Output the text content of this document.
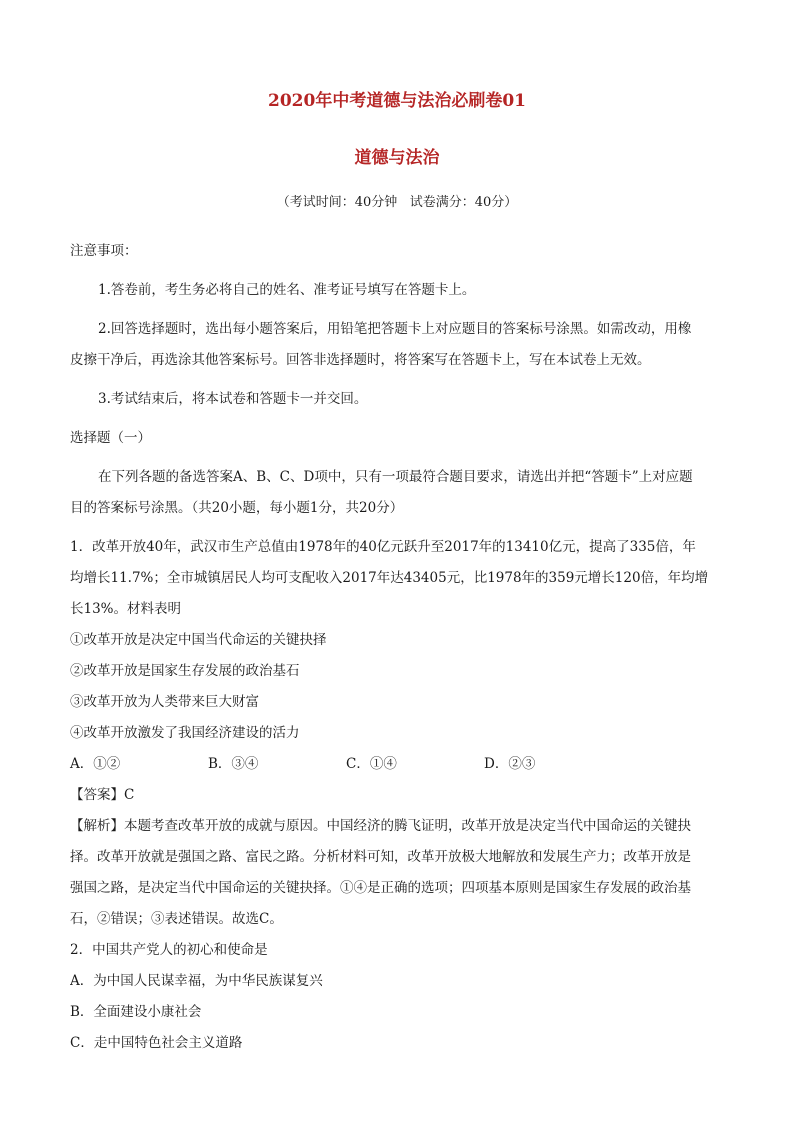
2020年中考道德与法治必刷卷01
道德与法治
（考试时间：40分钟   试卷满分：40分）
注意事项：
1.答卷前，考生务必将自己的姓名、准考证号填写在答题卡上。
2.回答选择题时，选出每小题答案后，用铅笔把答题卡上对应题目的答案标号涂黑。如需改动，用橡
皮擦干净后，再选涂其他答案标号。回答非选择题时，将答案写在答题卡上，写在本试卷上无效。
3.考试结束后，将本试卷和答题卡一并交回。
选择题（一）
在下列各题的备选答案A、B、C、D项中，只有一项最符合题目要求，请选出并把“答题卡”上对应题
目的答案标号涂黑。（共20小题，每小题1分，共20分）
1．改革开放40年，武汉市生产总值由1978年的40亿元跃升至2017年的13410亿元，提高了335倍，年
均增长11.7%；全市城镇居民人均可支配收入2017年达43405元，比1978年的359元增长120倍，年均增
长13%。材料表明
①改革开放是决定中国当代命运的关键抉择
②改革开放是国家生存发展的政治基石
③改革开放为人类带来巨大财富
④改革开放激发了我国经济建设的活力
A．①②	B．③④	C．①④	D．②③
【答案】C
【解析】本题考查改革开放的成就与原因。中国经济的腾飞证明，改革开放是决定当代中国命运的关键抉
择。改革开放就是强国之路、富民之路。分析材料可知，改革开放极大地解放和发展生产力；改革开放是
强国之路，是决定当代中国命运的关键抉择。①④是正确的选项；四项基本原则是国家生存发展的政治基
石，②错误；③表述错误。故选C。
2．中国共产党人的初心和使命是
A．为中国人民谋幸福，为中华民族谋复兴
B．全面建设小康社会
C．走中国特色社会主义道路
